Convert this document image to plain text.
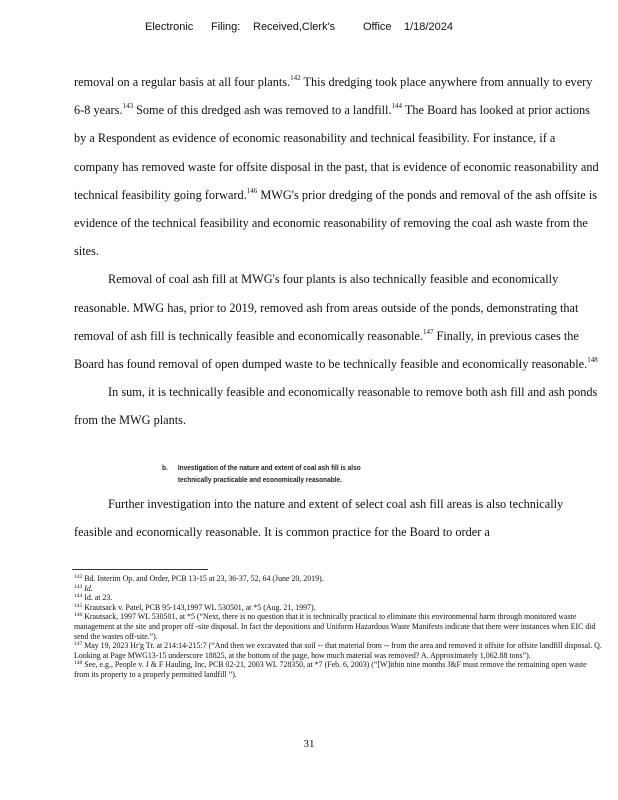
Electronic Filing: Received,Clerk's	Office 1/18/2024

removal on a regular basis at all four plants.$^{142}$ This dredging took place anywhere from annually to every 6-8 years.$^{143}$ Some of this dredged ash was removed to a landfill.$^{144}$ The Board has looked at prior actions by a Respondent as evidence of economic reasonability and technical feasibility. For instance, if a company has removed waste for offsite disposal in the past, that is evidence of economic reasonability and technical feasibility going forward.$^{146}$ MWG's prior dredging of the ponds and removal of the ash offsite is evidence of the technical feasibility and economic reasonability of removing the coal ash waste from the sites.

Removal of coal ash fill at MWG's four plants is also technically feasible and economically reasonable. MWG has, prior to 2019, removed ash from areas outside of the ponds, demonstrating that removal of ash fill is technically feasible and economically reasonable.$^{147}$ Finally, in previous cases the Board has found removal of open dumped waste to be technically feasible and economically reasonable.$^{148}$

In sum, it is technically feasible and economically reasonable to remove both ash fill and ash ponds from the MWG plants.

b. Investigation of the nature and extent of coal ash fill is also technically practicable and economically reasonable.

Further investigation into the nature and extent of select coal ash fill areas is also technically feasible and economically reasonable. It is common practice for the Board to order a

$^{142}$ Bd. Interim Op. and Order, PCB 13-15 at 23, 36-37, 52, 64 (June 20, 2019).

$^{143}$ Id.

$^{144}$ Id. at 23.

$^{145}$ Krautsack v. Patel, PCB 95-143,1997 WL 530501, at *5 (Aug. 21, 1997).

$^{146}$ Krautsack, 1997 WL 530501, at *5 (“Next, there is no question that it is technically practical to eliminate this environmental harm through monitored waste management at the site and proper off -site disposal. In fact the depositions and Uniform Hazardous Waste Manifests indicate that there were instances when EIC did send the wastes off-site.”).

$^{147}$ May 19, 2023 Hr'g Tr. at 214:14-215:7 (“And then we excavated that soil -- that material from -- from the area and removed it offsite for offsite landfill disposal. Q. Looking at Page MWG13-15 underscore 18825, at the bottom of the page, how much material was removed? A. Approximately 1,062.88 tons”).

$^{148}$ See, e.g., People v. J & F Hauling, Inc, PCB 02-21, 2003 WL 728350, at *7 (Feb. 6, 2003) (“[W]ithin nine months J&F must remove the remaining open waste from its property to a properly permitted landfill ”).

31
